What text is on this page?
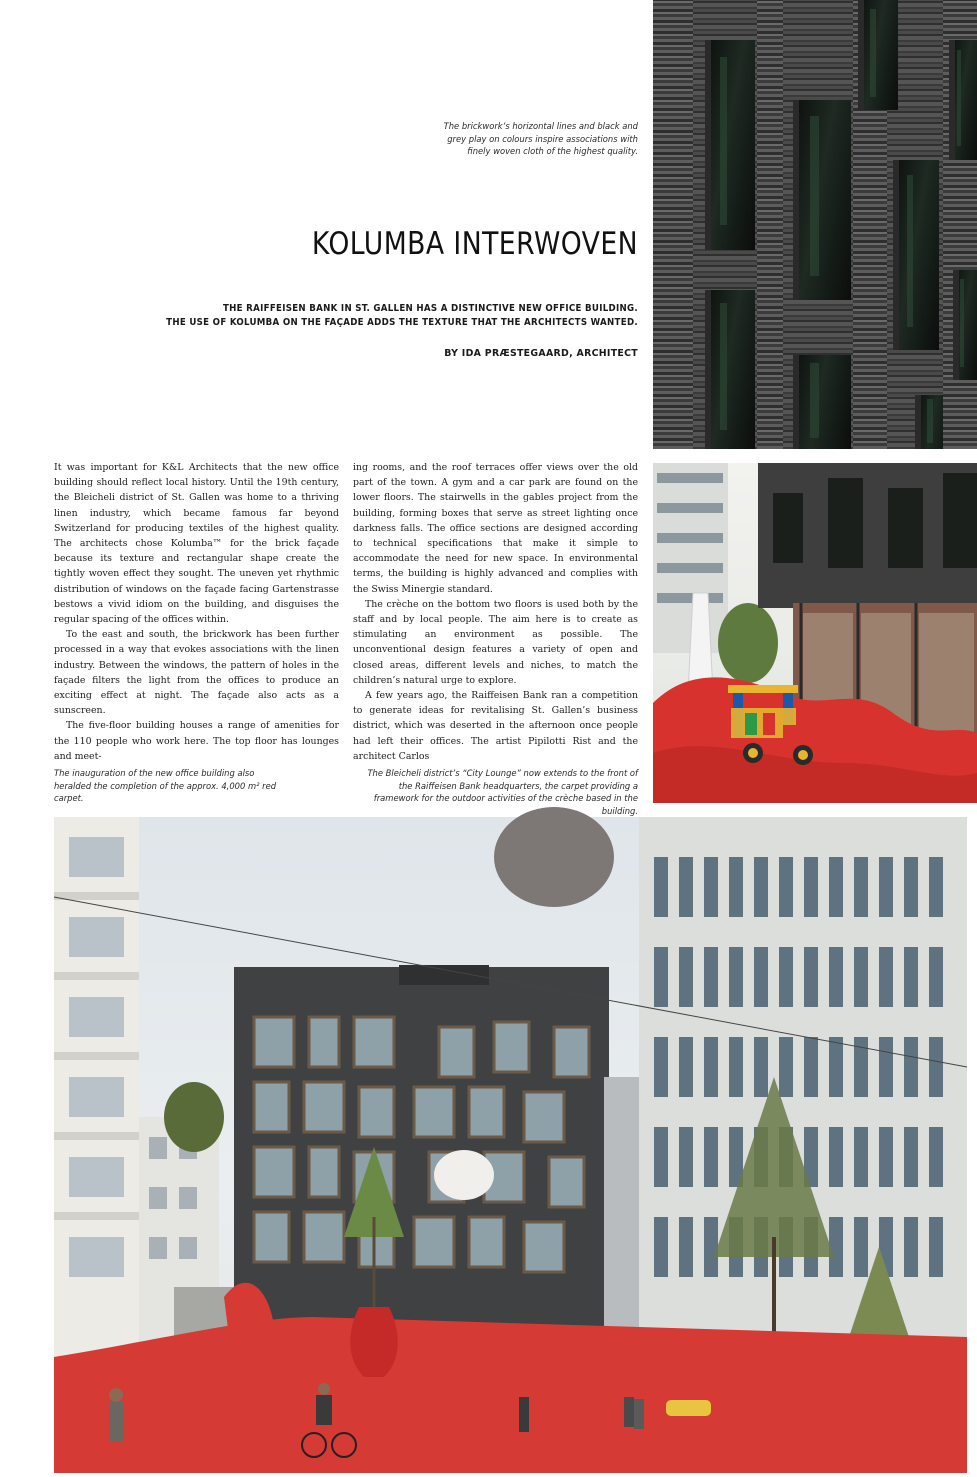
The brickwork’s horizontal lines and black and grey play on colours inspire associations with finely woven cloth of the highest quality.

KOLUMBA INTERWOVEN

THE RAIFFEISEN BANK IN ST. GALLEN HAS A DISTINCTIVE NEW OFFICE BUILDING.
THE USE OF KOLUMBA ON THE FAÇADE ADDS THE TEXTURE THAT THE ARCHITECTS WANTED.

BY IDA PRÆSTEGAARD, ARCHITECT

It was important for K&L Architects that the new office building should reflect local history. Until the 19th century, the Bleicheli district of St. Gallen was home to a thriving linen industry, which became famous far beyond Switzerland for producing textiles of the highest quality. The architects chose Kolumba™ for the brick façade because its texture and rectangular shape create the tightly woven effect they sought. The uneven yet rhythmic distribution of windows on the façade facing Gartenstrasse bestows a vivid idiom on the building, and disguises the regular spacing of the offices within.

To the east and south, the brickwork has been further processed in a way that evokes associations with the linen industry. Between the windows, the pattern of holes in the façade filters the light from the offices to produce an exciting effect at night. The façade also acts as a sunscreen.

The five-floor building houses a range of amenities for the 110 people who work here. The top floor has lounges and meet-

ing rooms, and the roof terraces offer views over the old part of the town. A gym and a car park are found on the lower floors. The stairwells in the gables project from the building, forming boxes that serve as street lighting once darkness falls. The office sections are designed according to technical specifications that make it simple to accommodate the need for new space. In environmental terms, the building is highly advanced and complies with the Swiss Minergie standard.

The crèche on the bottom two floors is used both by the staff and by local people. The aim here is to create as stimulating an environment as possible. The unconventional design features a variety of open and closed areas, different levels and niches, to match the children’s natural urge to explore.

A few years ago, the Raiffeisen Bank ran a competition to generate ideas for revitalising St. Gallen’s business district, which was deserted in the afternoon once people had left their offices. The artist Pipilotti Rist and the architect Carlos

The inauguration of the new office building also heralded the completion of the approx. 4,000 m² red carpet.

The Bleicheli district’s “City Lounge” now extends to the front of the Raiffeisen Bank headquarters, the carpet providing a framework for the outdoor activities of the crèche based in the building.
